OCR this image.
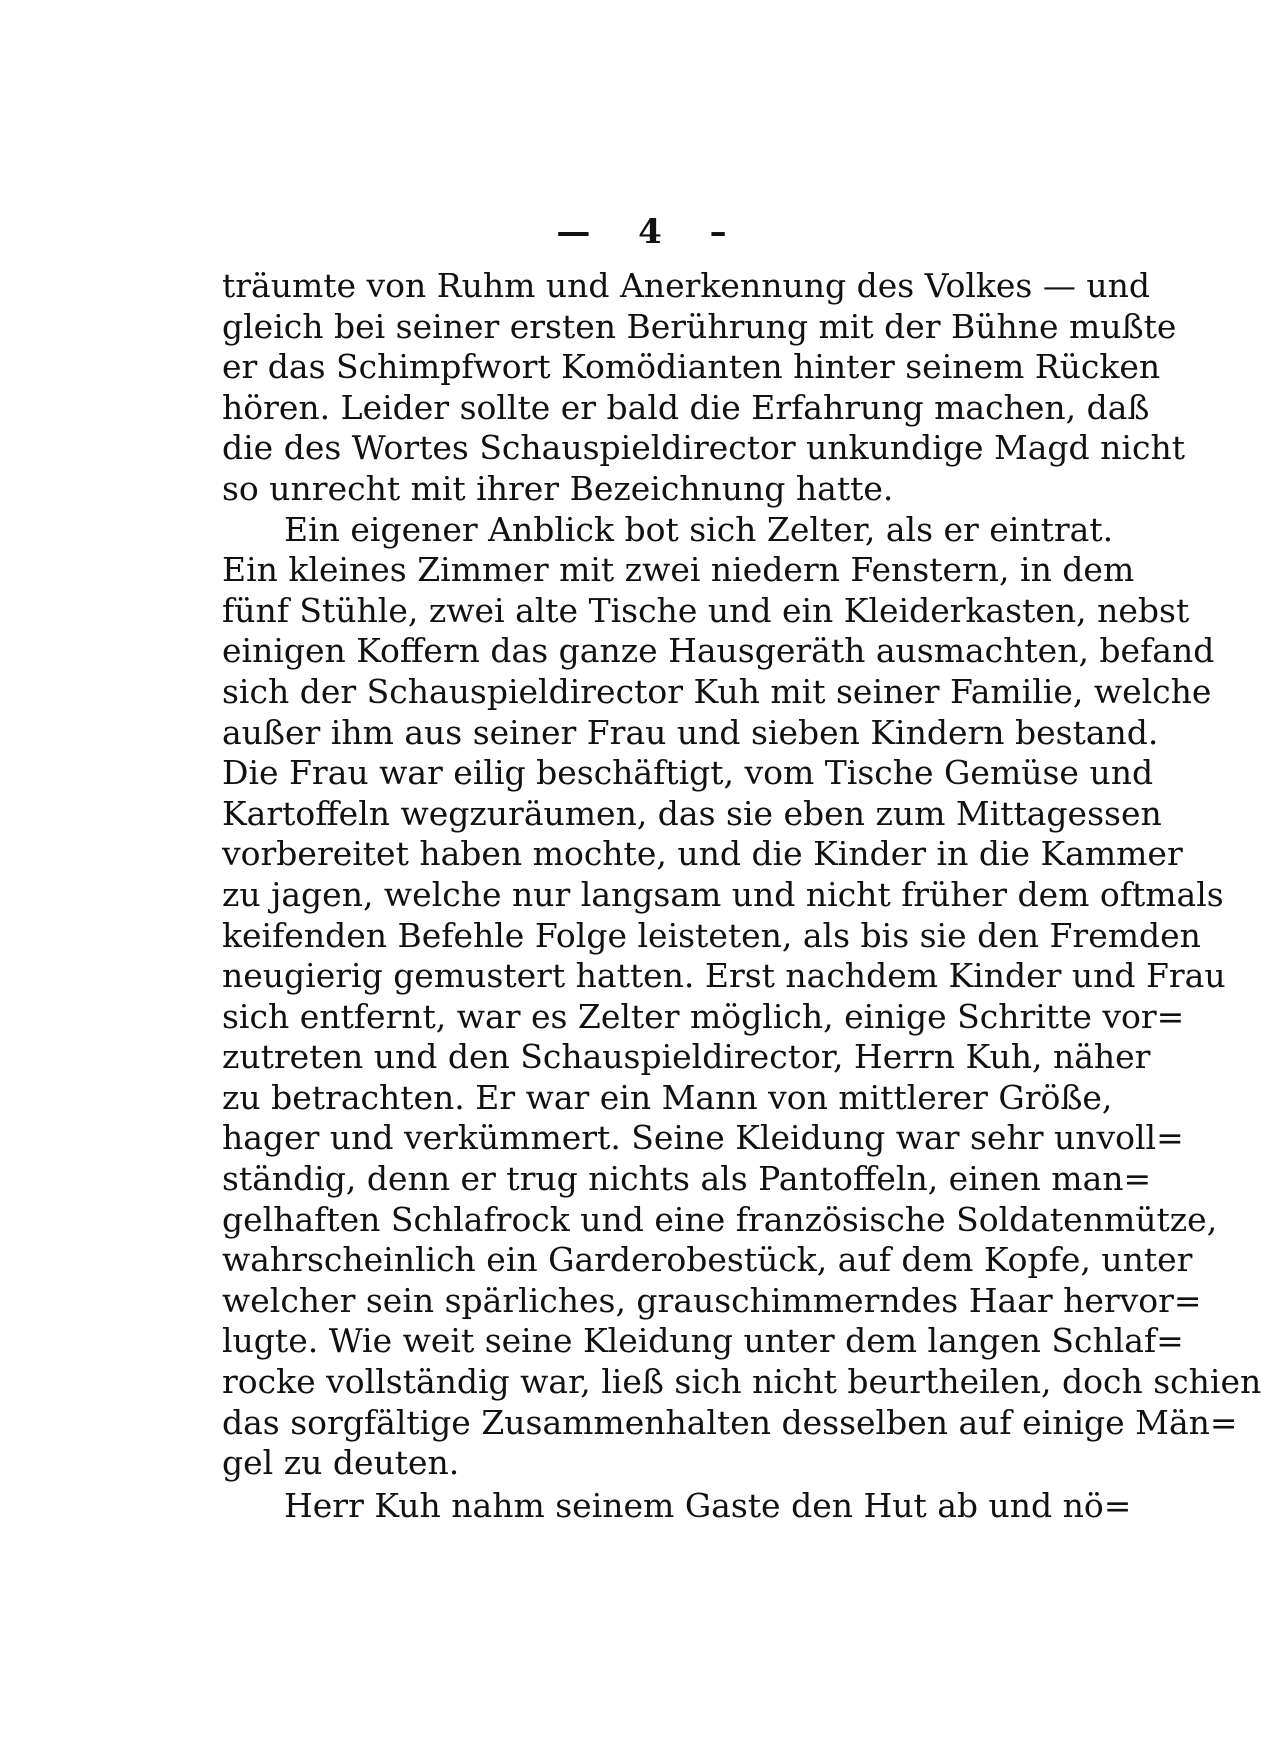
— 4 –
träumte von Ruhm und Anerkennung des Volkes — und
gleich bei seiner ersten Berührung mit der Bühne mußte
er das Schimpfwort Komödianten hinter seinem Rücken
hören. Leider sollte er bald die Erfahrung machen, daß
die des Wortes Schauspieldirector unkundige Magd nicht
so unrecht mit ihrer Bezeichnung hatte.
Ein eigener Anblick bot sich Zelter, als er eintrat.
Ein kleines Zimmer mit zwei niedern Fenstern, in dem
fünf Stühle, zwei alte Tische und ein Kleiderkasten, nebst
einigen Koffern das ganze Hausgeräth ausmachten, befand
sich der Schauspieldirector Kuh mit seiner Familie, welche
außer ihm aus seiner Frau und sieben Kindern bestand.
Die Frau war eilig beschäftigt, vom Tische Gemüse und
Kartoffeln wegzuräumen, das sie eben zum Mittagessen
vorbereitet haben mochte, und die Kinder in die Kammer
zu jagen, welche nur langsam und nicht früher dem oftmals
keifenden Befehle Folge leisteten, als bis sie den Fremden
neugierig gemustert hatten. Erst nachdem Kinder und Frau
sich entfernt, war es Zelter möglich, einige Schritte vor=
zutreten und den Schauspieldirector, Herrn Kuh, näher
zu betrachten. Er war ein Mann von mittlerer Größe,
hager und verkümmert. Seine Kleidung war sehr unvoll=
ständig, denn er trug nichts als Pantoffeln, einen man=
gelhaften Schlafrock und eine französische Soldatenmütze,
wahrscheinlich ein Garderobestück, auf dem Kopfe, unter
welcher sein spärliches, grauschimmerndes Haar hervor=
lugte. Wie weit seine Kleidung unter dem langen Schlaf=
rocke vollständig war, ließ sich nicht beurtheilen, doch schien
das sorgfältige Zusammenhalten desselben auf einige Män=
gel zu deuten.
Herr Kuh nahm seinem Gaste den Hut ab und nö=
